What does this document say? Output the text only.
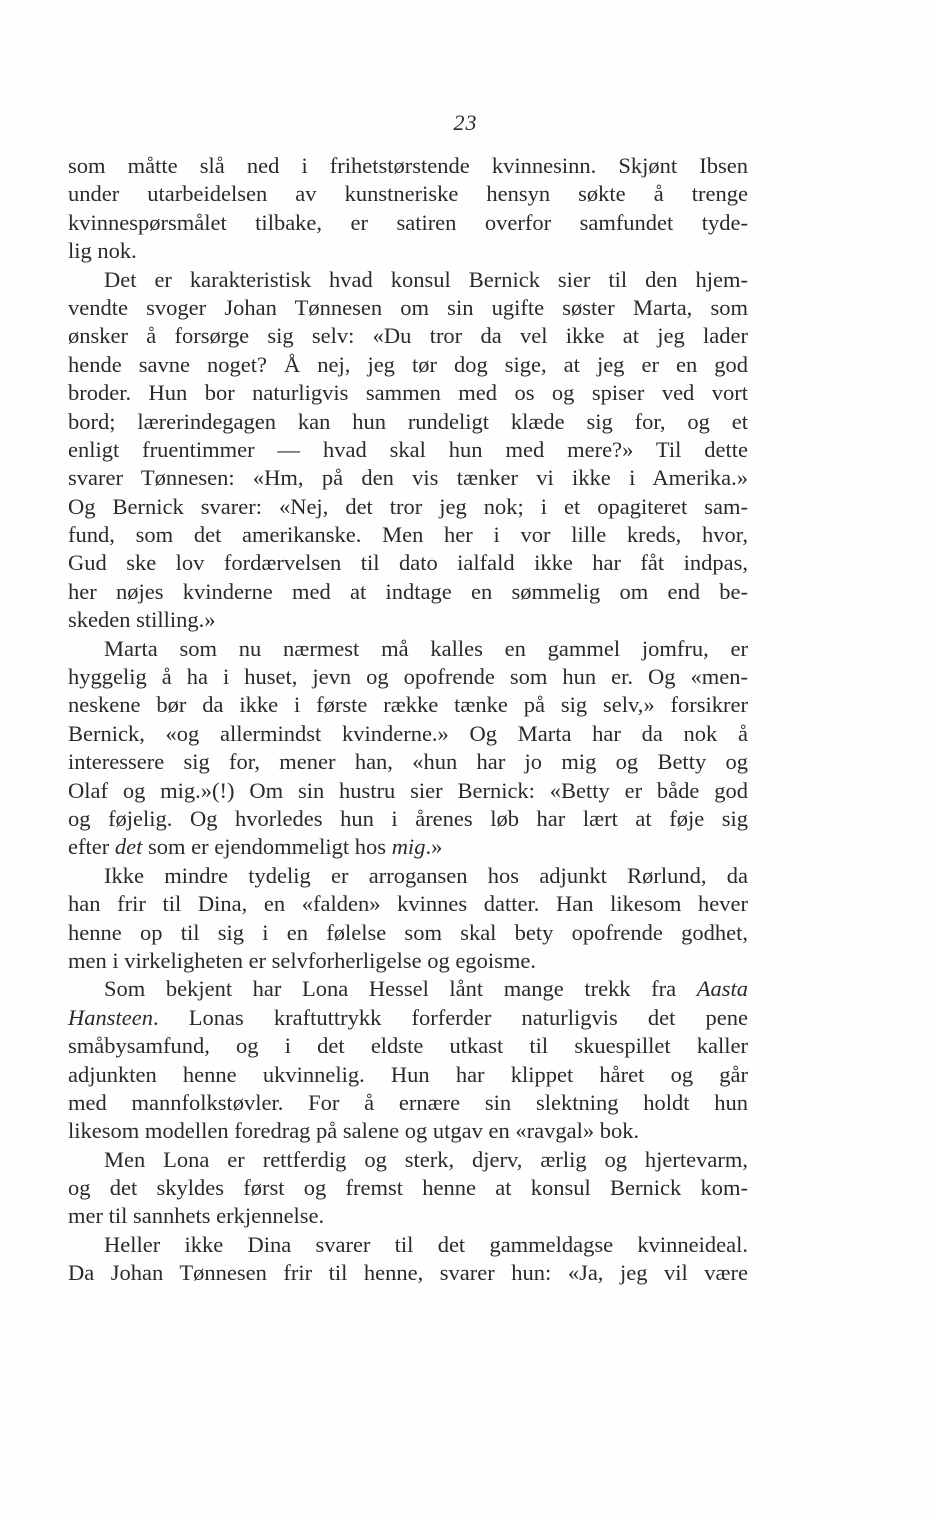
23
som måtte slå ned i frihetstørstende kvinnesinn. Skjønt Ibsen
under utarbeidelsen av kunstneriske hensyn søkte å trenge
kvinnespørsmålet tilbake, er satiren overfor samfundet tyde-
lig nok.
Det er karakteristisk hvad konsul Bernick sier til den hjem-
vendte svoger Johan Tønnesen om sin ugifte søster Marta, som
ønsker å forsørge sig selv: «Du tror da vel ikke at jeg lader
hende savne noget? Å nej, jeg tør dog sige, at jeg er en god
broder. Hun bor naturligvis sammen med os og spiser ved vort
bord; lærerindegagen kan hun rundeligt klæde sig for, og et
enligt fruentimmer — hvad skal hun med mere?» Til dette
svarer Tønnesen: «Hm, på den vis tænker vi ikke i Amerika.»
Og Bernick svarer: «Nej, det tror jeg nok; i et opagiteret sam-
fund, som det amerikanske. Men her i vor lille kreds, hvor,
Gud ske lov fordærvelsen til dato ialfald ikke har fåt indpas,
her nøjes kvinderne med at indtage en sømmelig om end be-
skeden stilling.»
Marta som nu nærmest må kalles en gammel jomfru, er
hyggelig å ha i huset, jevn og opofrende som hun er. Og «men-
neskene bør da ikke i første række tænke på sig selv,» forsikrer
Bernick, «og allermindst kvinderne.» Og Marta har da nok å
interessere sig for, mener han, «hun har jo mig og Betty og
Olaf og mig.»(!) Om sin hustru sier Bernick: «Betty er både god
og føjelig. Og hvorledes hun i årenes løb har lært at føje sig
efter det som er ejendommeligt hos mig.»
Ikke mindre tydelig er arrogansen hos adjunkt Rørlund, da
han frir til Dina, en «falden» kvinnes datter. Han likesom hever
henne op til sig i en følelse som skal bety opofrende godhet,
men i virkeligheten er selvforherligelse og egoisme.
Som bekjent har Lona Hessel lånt mange trekk fra Aasta
Hansteen. Lonas kraftuttrykk forferder naturligvis det pene
småbysamfund, og i det eldste utkast til skuespillet kaller
adjunkten henne ukvinnelig. Hun har klippet håret og går
med mannfolkstøvler. For å ernære sin slektning holdt hun
likesom modellen foredrag på salene og utgav en «ravgal» bok.
Men Lona er rettferdig og sterk, djerv, ærlig og hjertevarm,
og det skyldes først og fremst henne at konsul Bernick kom-
mer til sannhets erkjennelse.
Heller ikke Dina svarer til det gammeldagse kvinneideal.
Da Johan Tønnesen frir til henne, svarer hun: «Ja, jeg vil være
